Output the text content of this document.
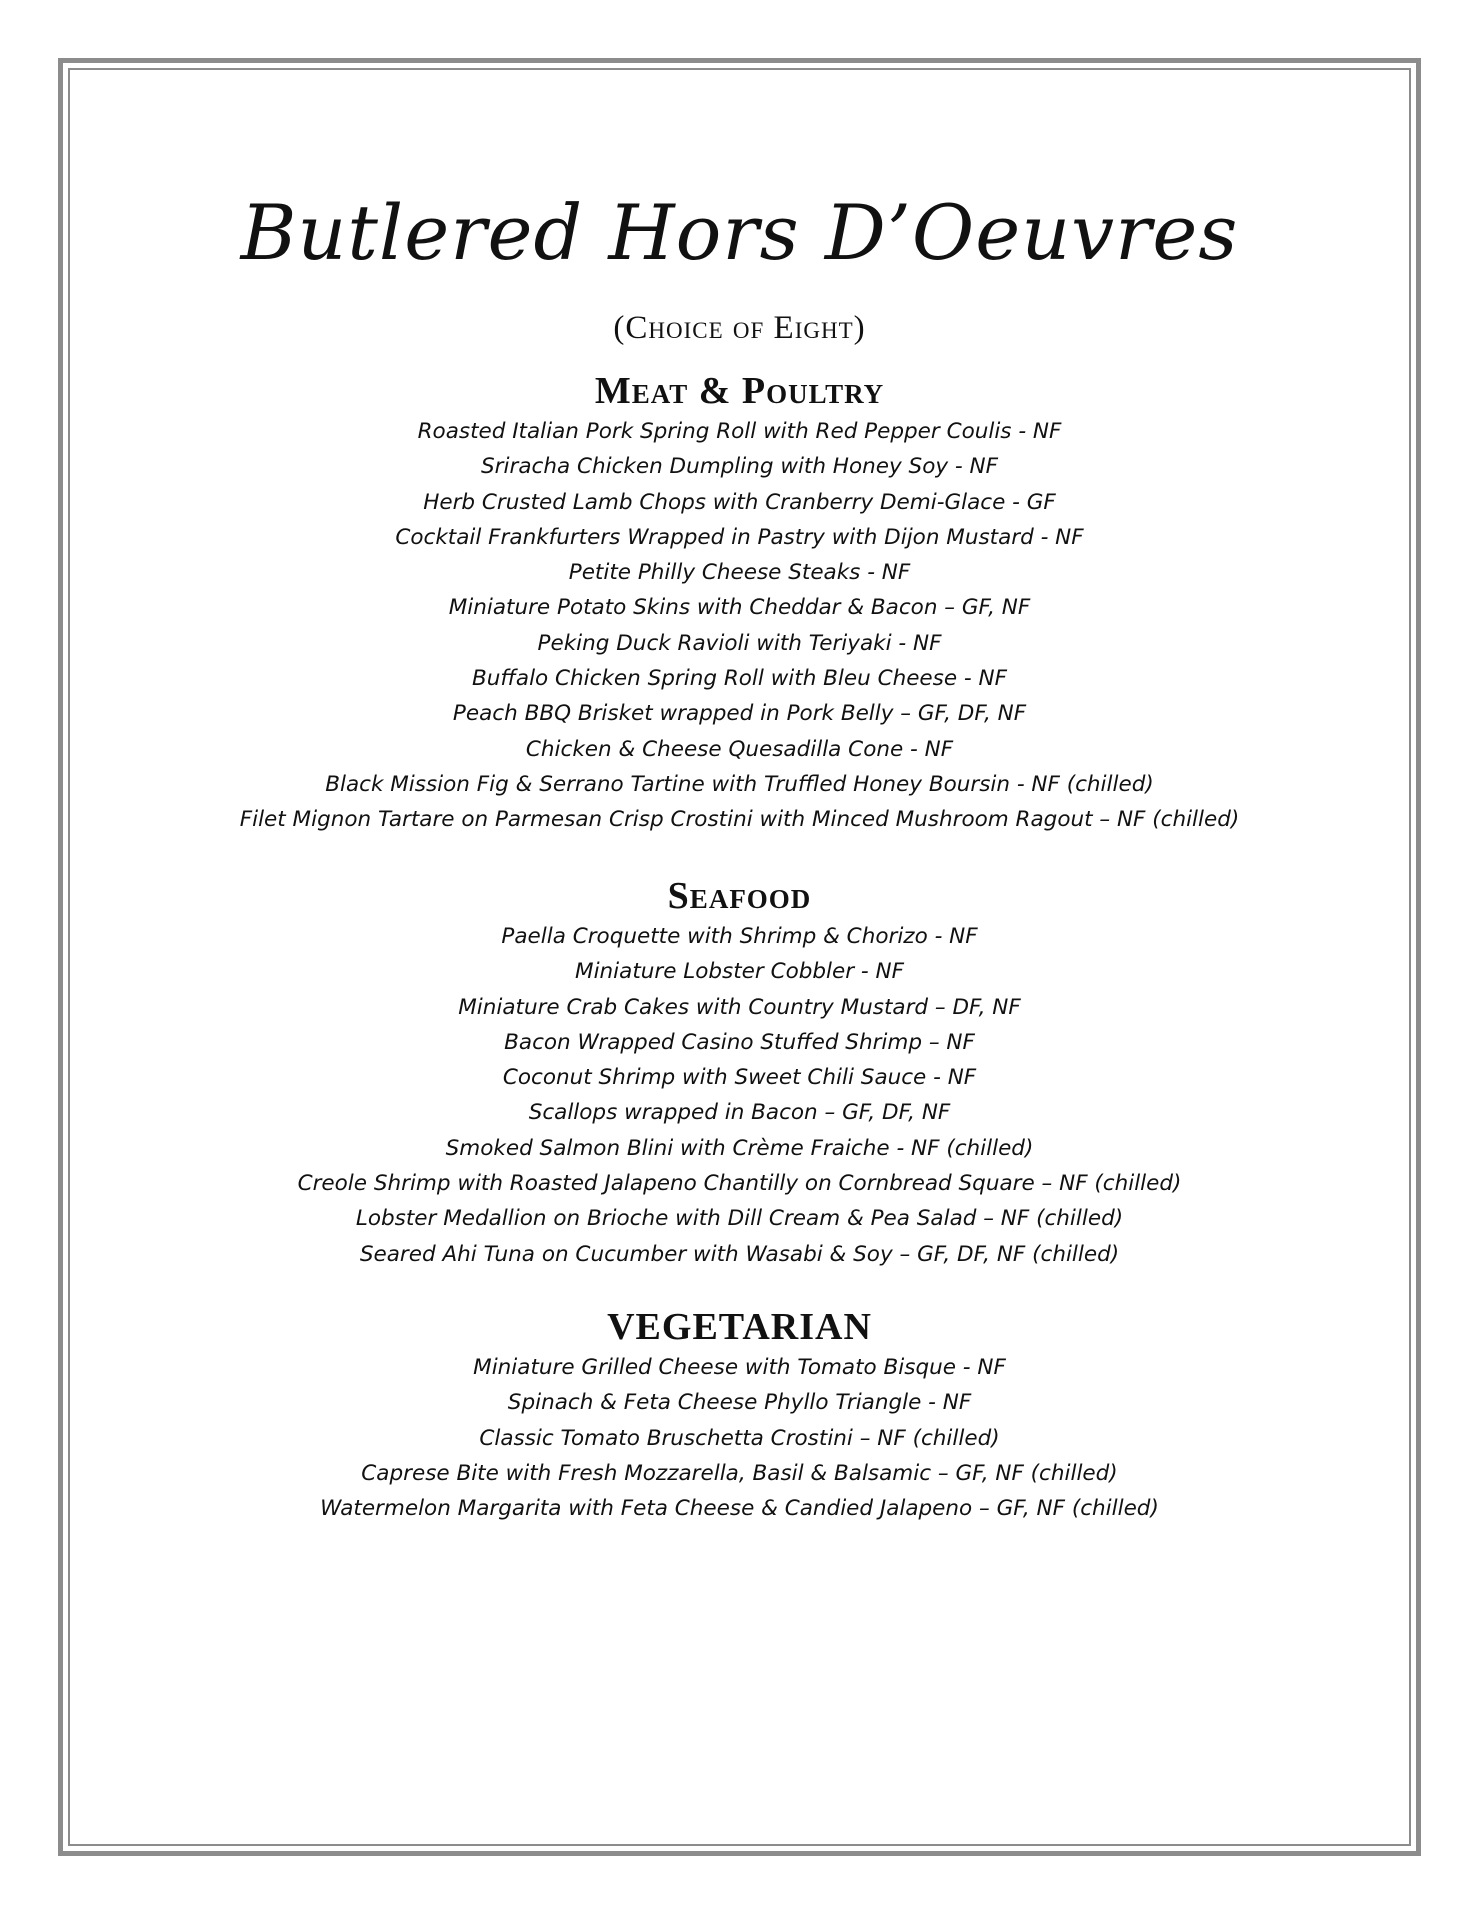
Butlered Hors D’Oeuvres
(Choice of Eight)
Meat & Poultry
Roasted Italian Pork Spring Roll with Red Pepper Coulis - NF
Sriracha Chicken Dumpling with Honey Soy - NF
Herb Crusted Lamb Chops with Cranberry Demi-Glace - GF
Cocktail Frankfurters Wrapped in Pastry with Dijon Mustard - NF
Petite Philly Cheese Steaks - NF
Miniature Potato Skins with Cheddar & Bacon – GF, NF
Peking Duck Ravioli with Teriyaki - NF
Buffalo Chicken Spring Roll with Bleu Cheese - NF
Peach BBQ Brisket wrapped in Pork Belly – GF, DF, NF
Chicken & Cheese Quesadilla Cone - NF
Black Mission Fig & Serrano Tartine with Truffled Honey Boursin - NF (chilled)
Filet Mignon Tartare on Parmesan Crisp Crostini with Minced Mushroom Ragout – NF (chilled)
Seafood
Paella Croquette with Shrimp & Chorizo - NF
Miniature Lobster Cobbler - NF
Miniature Crab Cakes with Country Mustard – DF, NF
Bacon Wrapped Casino Stuffed Shrimp – NF
Coconut Shrimp with Sweet Chili Sauce - NF
Scallops wrapped in Bacon – GF, DF, NF
Smoked Salmon Blini with Crème Fraiche - NF (chilled)
Creole Shrimp with Roasted Jalapeno Chantilly on Cornbread Square – NF (chilled)
Lobster Medallion on Brioche with Dill Cream & Pea Salad – NF (chilled)
Seared Ahi Tuna on Cucumber with Wasabi & Soy – GF, DF, NF (chilled)
VEGETARIAN
Miniature Grilled Cheese with Tomato Bisque - NF
Spinach & Feta Cheese Phyllo Triangle - NF
Classic Tomato Bruschetta Crostini – NF (chilled)
Caprese Bite with Fresh Mozzarella, Basil & Balsamic – GF, NF (chilled)
Watermelon Margarita with Feta Cheese & Candied Jalapeno – GF, NF (chilled)
